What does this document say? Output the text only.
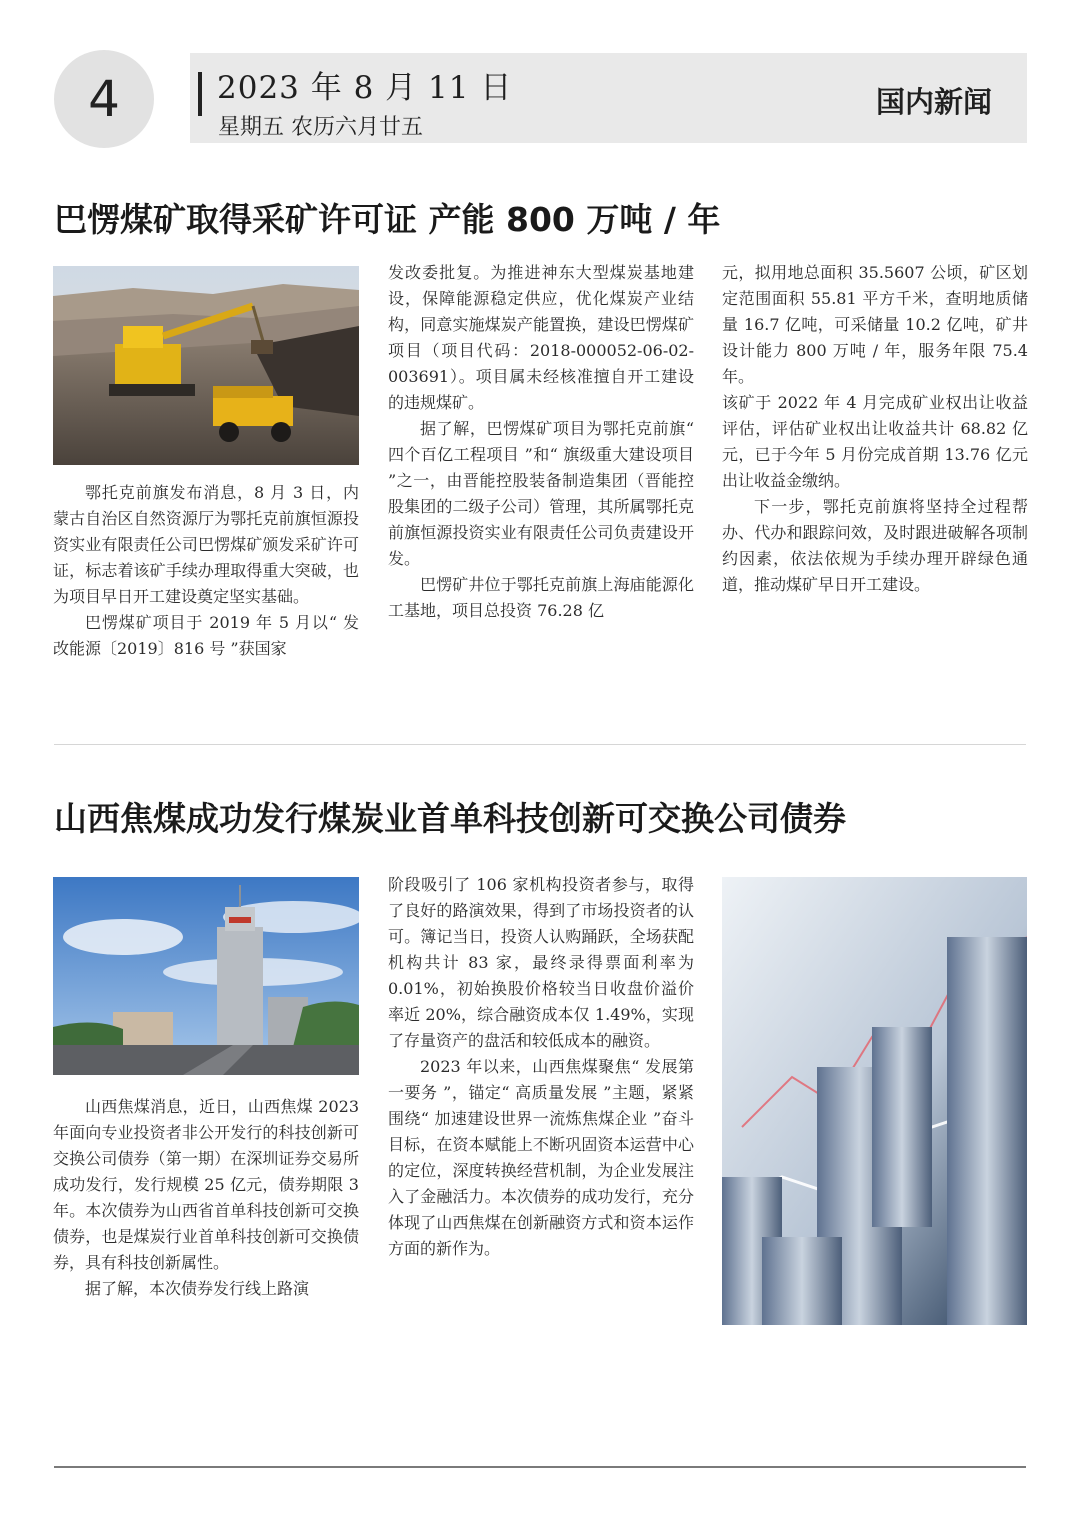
4	2023 年 8 月 11 日
星期五 农历六月廿五
国内新闻
巴愣煤矿取得采矿许可证 产能 800 万吨 / 年

鄂托克前旗发布消息，8 月 3 日，内蒙古自治区自然资源厅为鄂托克前旗恒源投资实业有限责任公司巴愣煤矿颁发采矿许可证，标志着该矿手续办理取得重大突破，也为项目早日开工建设奠定坚实基础。

巴愣煤矿项目于 2019 年 5 月以“ 发改能源〔2019〕816 号 ”获国家

发改委批复。为推进神东大型煤炭基地建设，保障能源稳定供应，优化煤炭产业结构，同意实施煤炭产能置换，建设巴愣煤矿项目（项目代码：2018-000052-06-02-003691）。项目属未经核准擅自开工建设的违规煤矿。

据了解，巴愣煤矿项目为鄂托克前旗“ 四个百亿工程项目 ”和“ 旗级重大建设项目 ”之一，由晋能控股装备制造集团（晋能控股集团的二级子公司）管理，其所属鄂托克前旗恒源投资实业有限责任公司负责建设开发。

巴愣矿井位于鄂托克前旗上海庙能源化工基地，项目总投资 76.28 亿

元，拟用地总面积 35.5607 公顷，矿区划定范围面积 55.81 平方千米，查明地质储量 16.7 亿吨，可采储量 10.2 亿吨，矿井设计能力 800 万吨 / 年，服务年限 75.4 年。

该矿于 2022 年 4 月完成矿业权出让收益评估，评估矿业权出让收益共计 68.82 亿元，已于今年 5 月份完成首期 13.76 亿元出让收益金缴纳。

下一步，鄂托克前旗将坚持全过程帮办、代办和跟踪问效，及时跟进破解各项制约因素，依法依规为手续办理开辟绿色通道，推动煤矿早日开工建设。

山西焦煤成功发行煤炭业首单科技创新可交换公司债券

山西焦煤消息，近日，山西焦煤 2023 年面向专业投资者非公开发行的科技创新可交换公司债券（第一期）在深圳证券交易所成功发行，发行规模 25 亿元，债券期限 3 年。本次债券为山西省首单科技创新可交换债券，也是煤炭行业首单科技创新可交换债券，具有科技创新属性。

据了解，本次债券发行线上路演

阶段吸引了 106 家机构投资者参与，取得了良好的路演效果，得到了市场投资者的认可。簿记当日，投资人认购踊跃，全场获配机构共计 83 家，最终录得票面利率为 0.01%，初始换股价格较当日收盘价溢价率近 20%，综合融资成本仅 1.49%，实现了存量资产的盘活和较低成本的融资。

2023 年以来，山西焦煤聚焦“ 发展第一要务 ”，锚定“ 高质量发展 ”主题，紧紧围绕“ 加速建设世界一流炼焦煤企业 ”奋斗目标，在资本赋能上不断巩固资本运营中心的定位，深度转换经营机制，为企业发展注入了金融活力。本次债券的成功发行，充分体现了山西焦煤在创新融资方式和资本运作方面的新作为。
